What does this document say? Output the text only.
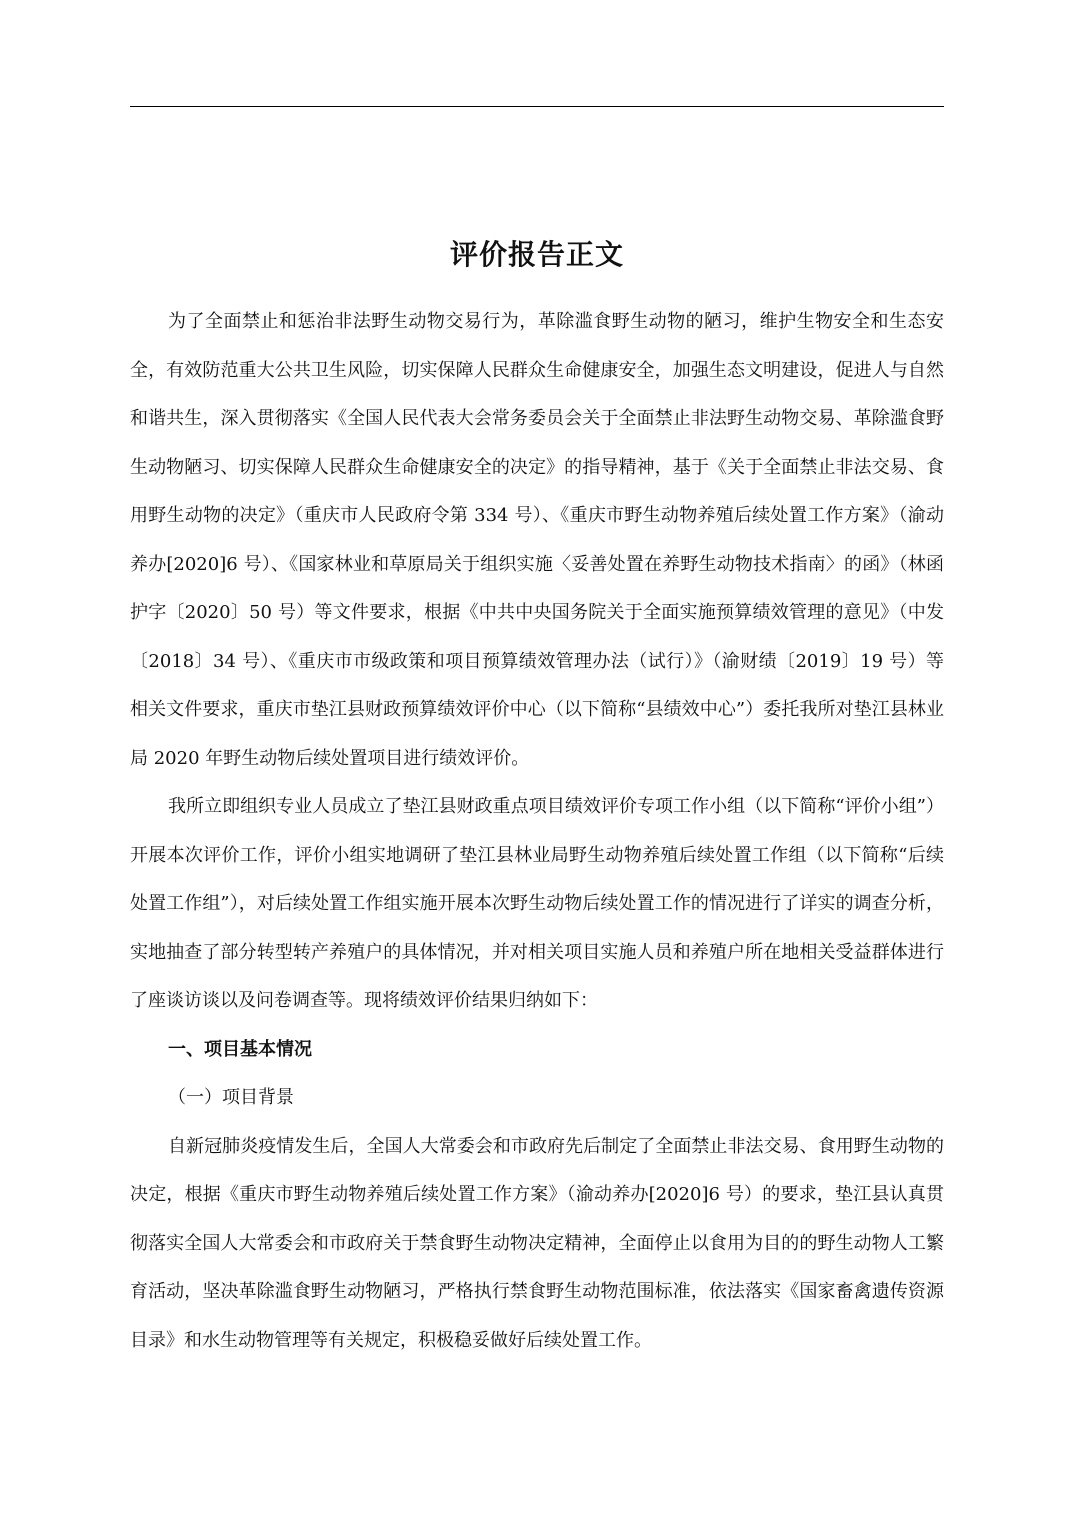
评价报告正文

为了全面禁止和惩治非法野生动物交易行为，革除滥食野生动物的陋习，维护生物安全和生态安全，有效防范重大公共卫生风险，切实保障人民群众生命健康安全，加强生态文明建设，促进人与自然和谐共生，深入贯彻落实《全国人民代表大会常务委员会关于全面禁止非法野生动物交易、革除滥食野生动物陋习、切实保障人民群众生命健康安全的决定》的指导精神，基于《关于全面禁止非法交易、食用野生动物的决定》（重庆市人民政府令第 334 号）、《重庆市野生动物养殖后续处置工作方案》（渝动养办[2020]6 号）、《国家林业和草原局关于组织实施〈妥善处置在养野生动物技术指南〉的函》（林函护字〔2020〕50 号）等文件要求，根据《中共中央国务院关于全面实施预算绩效管理的意见》（中发〔2018〕34 号）、《重庆市市级政策和项目预算绩效管理办法（试行）》（渝财绩〔2019〕19 号）等相关文件要求，重庆市垫江县财政预算绩效评价中心（以下简称“县绩效中心”）委托我所对垫江县林业局 2020 年野生动物后续处置项目进行绩效评价。

我所立即组织专业人员成立了垫江县财政重点项目绩效评价专项工作小组（以下简称“评价小组”）开展本次评价工作，评价小组实地调研了垫江县林业局野生动物养殖后续处置工作组（以下简称“后续处置工作组”），对后续处置工作组实施开展本次野生动物后续处置工作的情况进行了详实的调查分析，实地抽查了部分转型转产养殖户的具体情况，并对相关项目实施人员和养殖户所在地相关受益群体进行了座谈访谈以及问卷调查等。现将绩效评价结果归纳如下：

一、项目基本情况

（一）项目背景

自新冠肺炎疫情发生后，全国人大常委会和市政府先后制定了全面禁止非法交易、食用野生动物的决定，根据《重庆市野生动物养殖后续处置工作方案》（渝动养办[2020]6 号）的要求，垫江县认真贯彻落实全国人大常委会和市政府关于禁食野生动物决定精神，全面停止以食用为目的的野生动物人工繁育活动，坚决革除滥食野生动物陋习，严格执行禁食野生动物范围标准，依法落实《国家畜禽遗传资源目录》和水生动物管理等有关规定，积极稳妥做好后续处置工作。
